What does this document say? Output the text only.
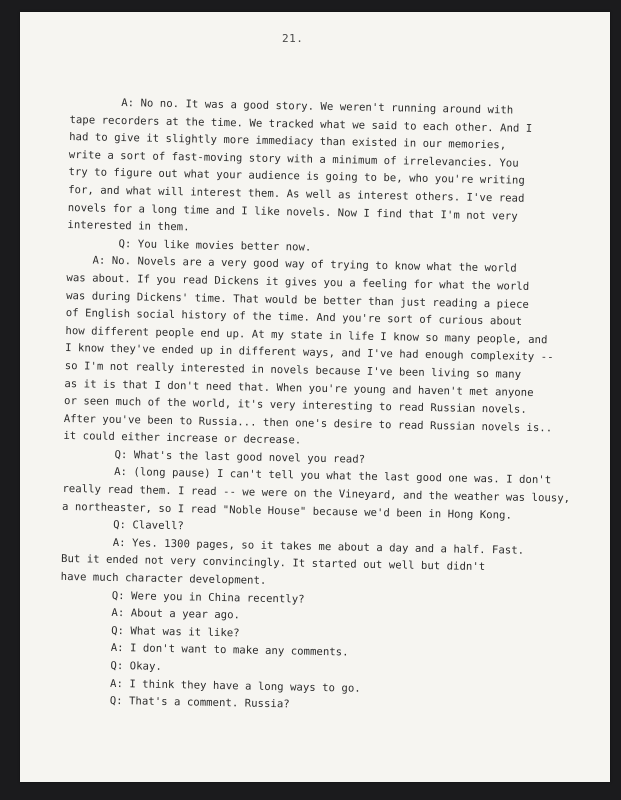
21.
A: No no. It was a good story. We weren't running around with
tape recorders at the time. We tracked what we said to each other. And I
had to give it slightly more immediacy than existed in our memories,
write a sort of fast-moving story with a minimum of irrelevancies. You
try to figure out what your audience is going to be, who you're writing
for, and what will interest them. As well as interest others. I've read
novels for a long time and I like novels. Now I find that I'm not very
interested in them.
Q: You like movies better now.
A: No. Novels are a very good way of trying to know what the world
was about. If you read Dickens it gives you a feeling for what the world
was during Dickens' time. That would be better than just reading a piece
of English social history of the time. And you're sort of curious about
how different people end up. At my state in life I know so many people, and
I know they've ended up in different ways, and I've had enough complexity --
so I'm not really interested in novels because I've been living so many
as it is that I don't need that. When you're young and haven't met anyone
or seen much of the world, it's very interesting to read Russian novels.
After you've been to Russia... then one's desire to read Russian novels is..
it could either increase or decrease.
Q: What's the last good novel you read?
A: (long pause) I can't tell you what the last good one was. I don't
really read them. I read -- we were on the Vineyard, and the weather was lousy,
a northeaster, so I read "Noble House" because we'd been in Hong Kong.
Q: Clavell?
A: Yes. 1300 pages, so it takes me about a day and a half. Fast.
But it ended not very convincingly. It started out well but didn't
have much character development.
Q: Were you in China recently?
A: About a year ago.
Q: What was it like?
A: I don't want to make any comments.
Q: Okay.
A: I think they have a long ways to go.
Q: That's a comment. Russia?
